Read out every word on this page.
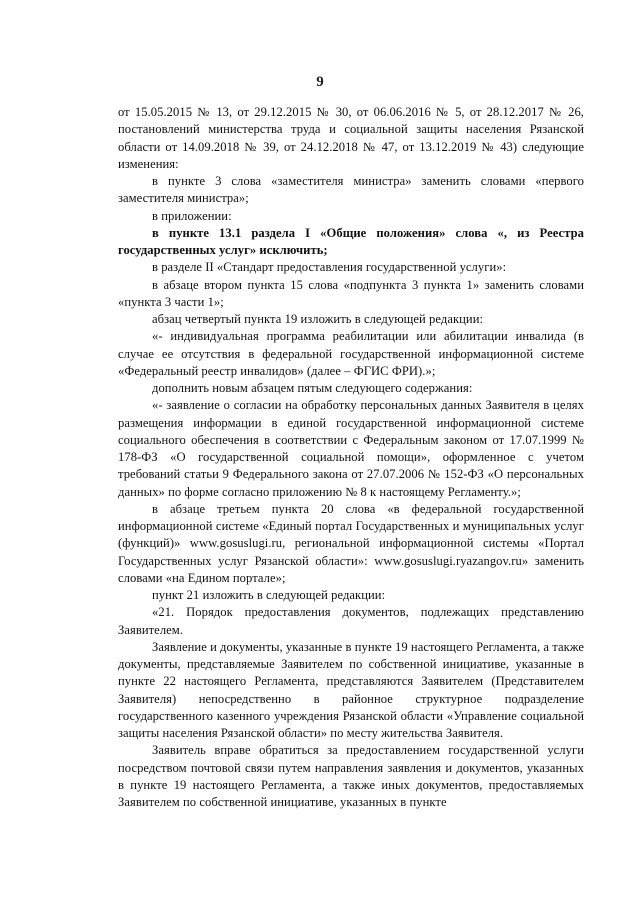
9

от 15.05.2015 № 13, от 29.12.2015 № 30, от 06.06.2016 № 5, от 28.12.2017 № 26, постановлений министерства труда и социальной защиты населения Рязанской области от 14.09.2018 № 39, от 24.12.2018 № 47, от 13.12.2019 № 43) следующие изменения:

в пункте 3 слова «заместителя министра» заменить словами «первого заместителя министра»;

в приложении:

в пункте 13.1 раздела I «Общие положения» слова «, из Реестра государственных услуг» исключить;

в разделе II «Стандарт предоставления государственной услуги»:

в абзаце втором пункта 15 слова «подпункта 3 пункта 1» заменить словами «пункта 3 части 1»;

абзац четвертый пункта 19 изложить в следующей редакции:

«- индивидуальная программа реабилитации или абилитации инвалида (в случае ее отсутствия в федеральной государственной информационной системе «Федеральный реестр инвалидов» (далее – ФГИС ФРИ).»;

дополнить новым абзацем пятым следующего содержания:

«- заявление о согласии на обработку персональных данных Заявителя в целях размещения информации в единой государственной информационной системе социального обеспечения в соответствии с Федеральным законом от 17.07.1999 № 178-ФЗ «О государственной социальной помощи», оформленное с учетом требований статьи 9 Федерального закона от 27.07.2006 № 152-ФЗ «О персональных данных» по форме согласно приложению № 8 к настоящему Регламенту.»;

в абзаце третьем пункта 20 слова «в федеральной государственной информационной системе «Единый портал Государственных и муниципальных услуг (функций)» www.gosuslugi.ru, региональной информационной системы «Портал Государственных услуг Рязанской области»: www.gosuslugi.ryazangov.ru» заменить словами «на Едином портале»;

пункт 21 изложить в следующей редакции:

«21. Порядок предоставления документов, подлежащих представлению Заявителем.

Заявление и документы, указанные в пункте 19 настоящего Регламента, а также документы, представляемые Заявителем по собственной инициативе, указанные в пункте 22 настоящего Регламента, представляются Заявителем (Представителем Заявителя) непосредственно в районное структурное подразделение государственного казенного учреждения Рязанской области «Управление социальной защиты населения Рязанской области» по месту жительства Заявителя.

Заявитель вправе обратиться за предоставлением государственной услуги посредством почтовой связи путем направления заявления и документов, указанных в пункте 19 настоящего Регламента, а также иных документов, предоставляемых Заявителем по собственной инициативе, указанных в пункте
